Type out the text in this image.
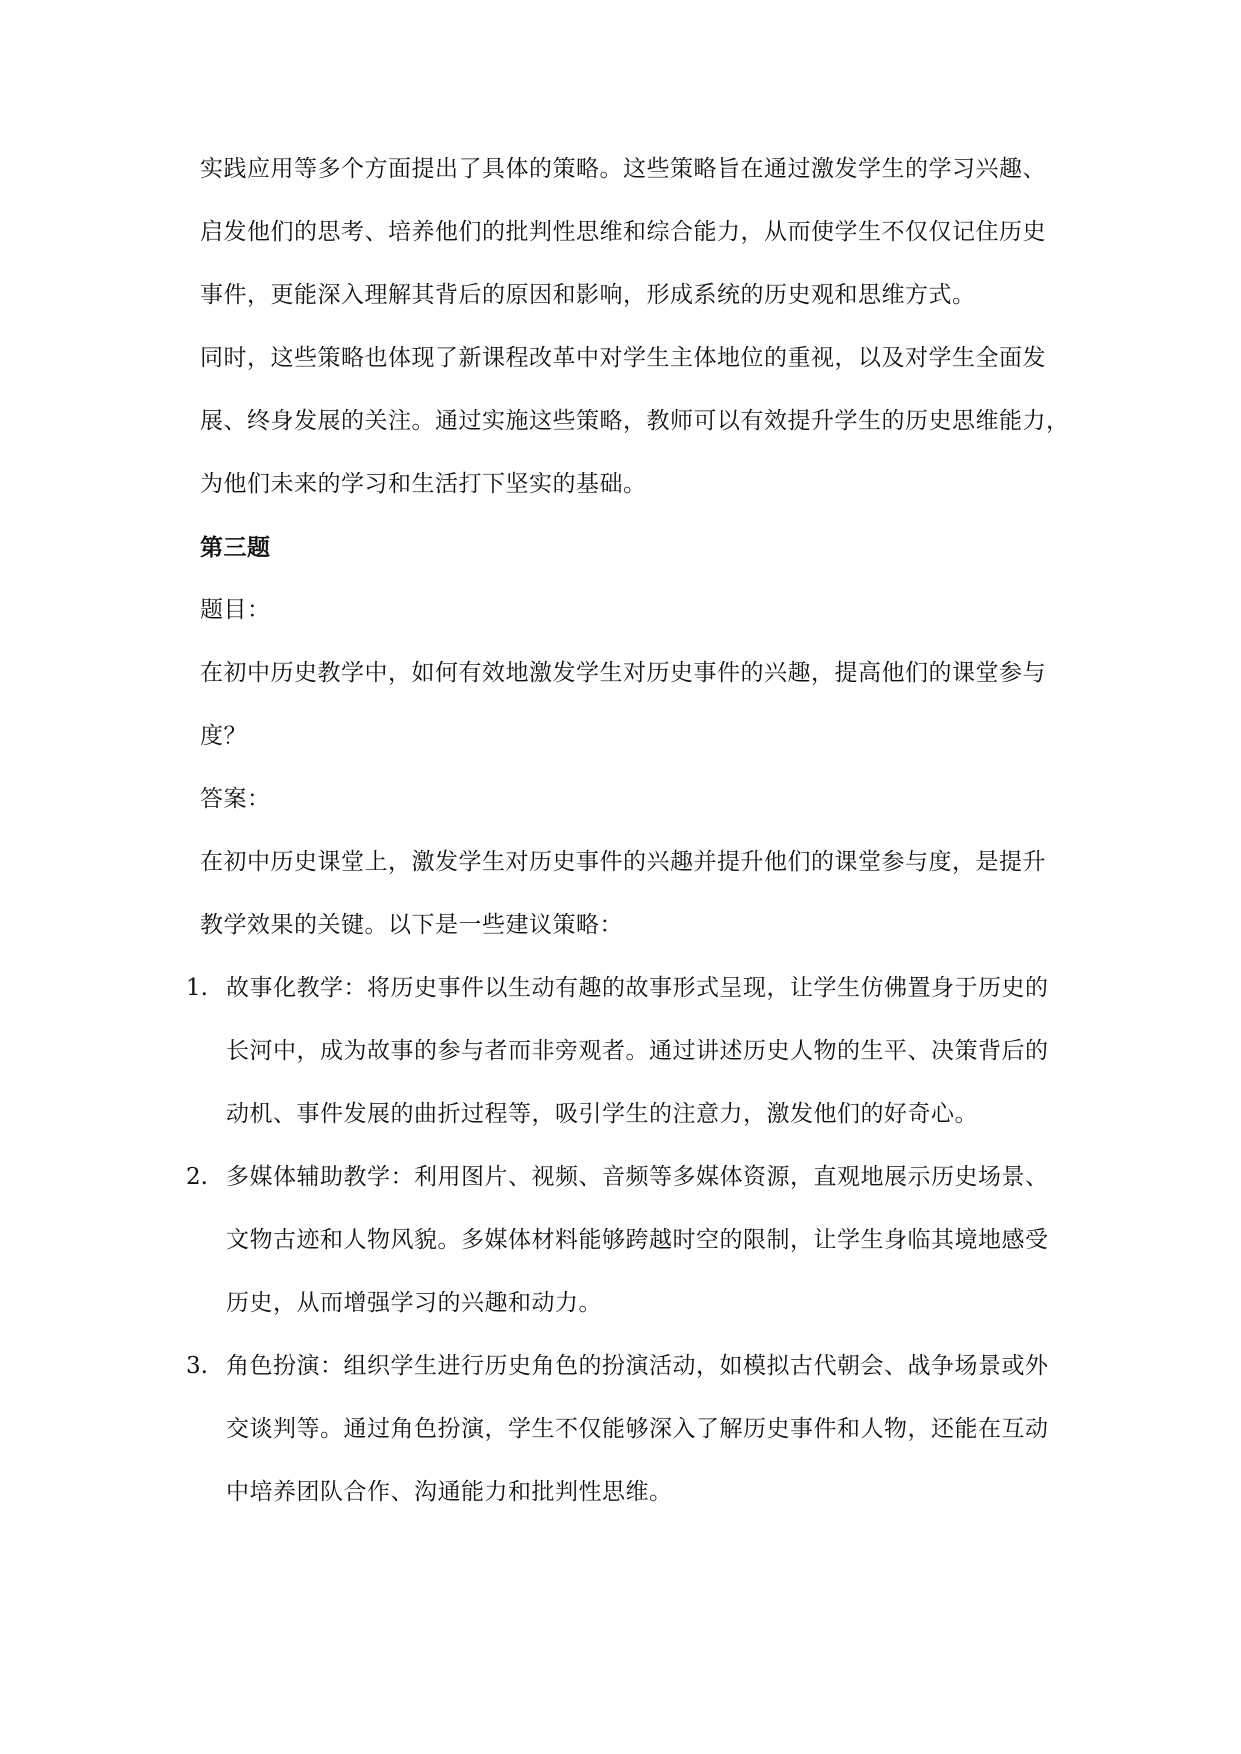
实践应用等多个方面提出了具体的策略。这些策略旨在通过激发学生的学习兴趣、
启发他们的思考、培养他们的批判性思维和综合能力，从而使学生不仅仅记住历史
事件，更能深入理解其背后的原因和影响，形成系统的历史观和思维方式。
同时，这些策略也体现了新课程改革中对学生主体地位的重视，以及对学生全面发
展、终身发展的关注。通过实施这些策略，教师可以有效提升学生的历史思维能力，
为他们未来的学习和生活打下坚实的基础。
第三题
题目：
在初中历史教学中，如何有效地激发学生对历史事件的兴趣，提高他们的课堂参与
度？
答案：
在初中历史课堂上，激发学生对历史事件的兴趣并提升他们的课堂参与度，是提升
教学效果的关键。以下是一些建议策略：
1. 故事化教学：将历史事件以生动有趣的故事形式呈现，让学生仿佛置身于历史的
长河中，成为故事的参与者而非旁观者。通过讲述历史人物的生平、决策背后的
动机、事件发展的曲折过程等，吸引学生的注意力，激发他们的好奇心。
2. 多媒体辅助教学：利用图片、视频、音频等多媒体资源，直观地展示历史场景、
文物古迹和人物风貌。多媒体材料能够跨越时空的限制，让学生身临其境地感受
历史，从而增强学习的兴趣和动力。
3. 角色扮演：组织学生进行历史角色的扮演活动，如模拟古代朝会、战争场景或外
交谈判等。通过角色扮演，学生不仅能够深入了解历史事件和人物，还能在互动
中培养团队合作、沟通能力和批判性思维。
